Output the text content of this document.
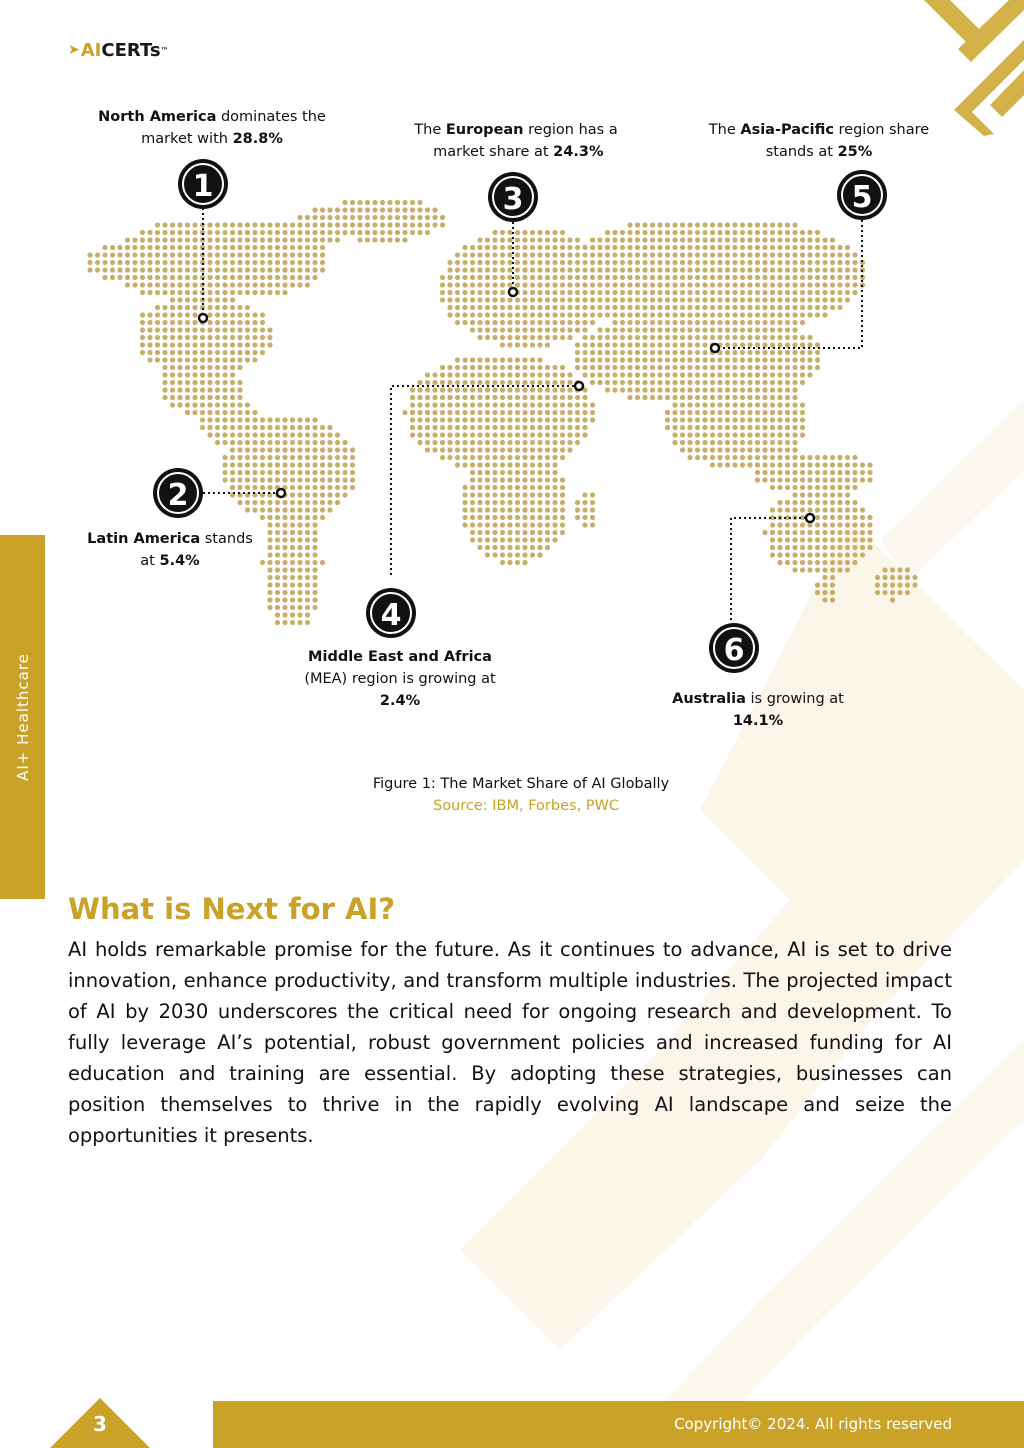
➤ AI CERTs ™
AI+ Healthcare
1
2
3
4
5
6
North America dominates the
market with 28.8%
Latin America stands
at 5.4%
The European region has a
market share at 24.3%
Middle East and Africa
(MEA) region is growing at
2.4%
The Asia-Pacific region share
stands at 25%
Australia is growing at
14.1%
Figure 1: The Market Share of AI Globally
Source: IBM, Forbes, PWC
What is Next for AI?

AI holds remarkable promise for the future. As it continues to advance, AI is set to drive innovation, enhance productivity, and transform multiple industries. The projected impact of AI by 2030 underscores the critical need for ongoing research and development. To fully leverage AI’s potential, robust government policies and increased funding for AI education and training are essential. By adopting these strategies, businesses can position themselves to thrive in the rapidly evolving AI landscape and seize the opportunities it presents.

3	Copyright© 2024. All rights reserved
